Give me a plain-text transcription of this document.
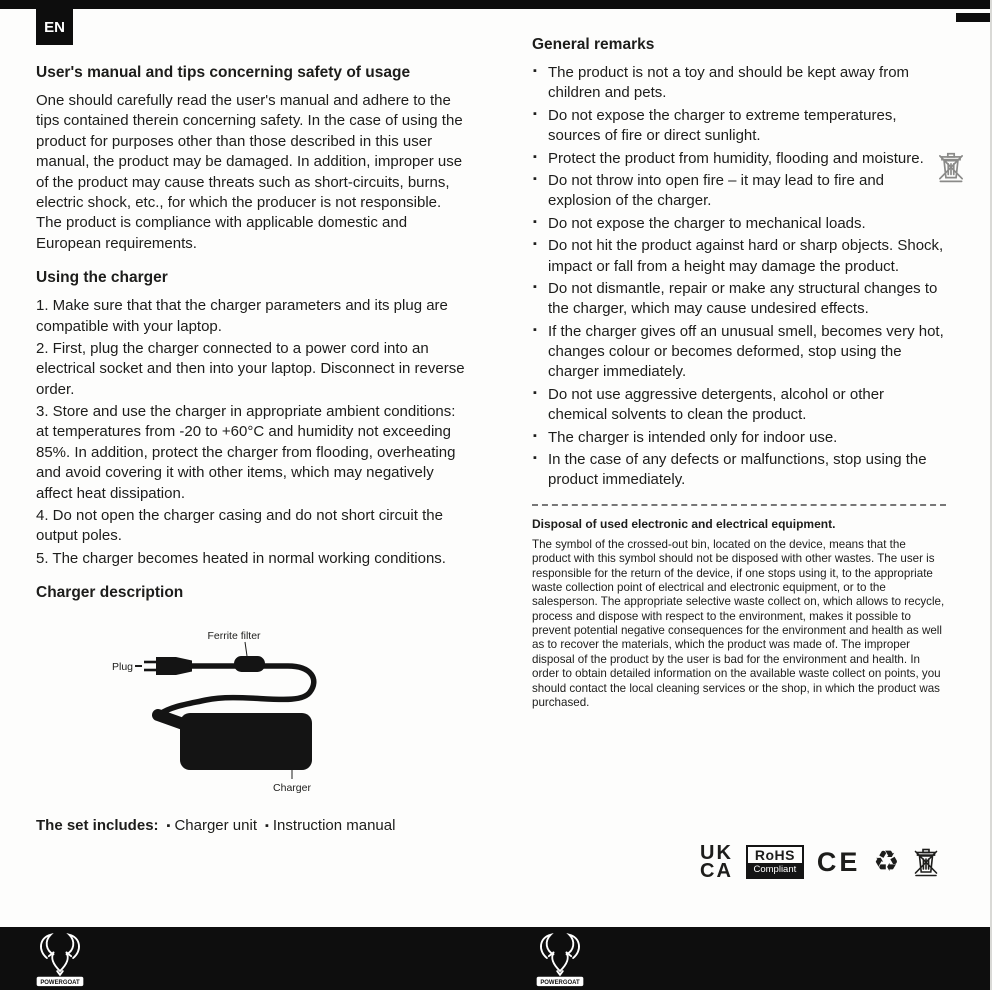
EN
User's manual and tips concerning safety of usage

One should carefully read the user's manual and adhere to the tips contained therein concerning safety. In the case of using the product for purposes other than those described in this user manual, the product may be damaged. In addition, improper use of the product may cause threats such as short-circuits, burns, electric shock, etc., for which the producer is not responsible. The product is compliance with applicable domestic and European requirements.

Using the charger

1. Make sure that that the charger parameters and its plug are compatible with your laptop.

2. First, plug the charger connected to a power cord into an electrical socket and then into your laptop. Disconnect in reverse order.

3. Store and use the charger in appropriate ambient conditions: at temperatures from -20 to +60°C and humidity not exceeding 85%. In addition, protect the charger from flooding, overheating and avoid covering it with other items, which may negatively affect heat dissipation.

4. Do not open the charger casing and do not short circuit the output poles.

5. The charger becomes heated in normal working conditions.

Charger description
Ferrite filter
Plug
Charger

The set includes: ▪ Charger unit ▪ Instruction manual

General remarks
▪ The product is not a toy and should be kept away from children and pets.
▪ Do not expose the charger to extreme temperatures, sources of fire or direct sunlight.
▪ Protect the product from humidity, flooding and moisture.
▪ Do not throw into open fire – it may lead to fire and explosion of the charger.
▪ Do not expose the charger to mechanical loads.
▪ Do not hit the product against hard or sharp objects. Shock, impact or fall from a height may damage the product.
▪ Do not dismantle, repair or make any structural changes to the charger, which may cause undesired effects.
▪ If the charger gives off an unusual smell, becomes very hot, changes colour or becomes deformed, stop using the charger immediately.
▪ Do not use aggressive detergents, alcohol or other chemical solvents to clean the product.
▪ The charger is intended only for indoor use.
▪ In the case of any defects or malfunctions, stop using the product immediately.
Disposal of used electronic and electrical equipment.

The symbol of the crossed-out bin, located on the device, means that the product with this symbol should not be disposed with other wastes. The user is responsible for the return of the device, if one stops using it, to the appropriate waste collection point of electrical and electronic equipment, or to the salesperson. The appropriate selective waste collect on, which allows to recycle, process and dispose with respect to the environment, makes it possible to prevent potential negative consequences for the environment and health as well as to recover the materials, which the product was made of. The improper disposal of the product by the user is bad for the environment and health. In order to obtain detailed information on the available waste collect on points, you should contact the local cleaning services or the shop, in which the product was purchased.

UK
CA
RoHS
Compliant CE ♻
POWERGOAT	POWERGOAT
